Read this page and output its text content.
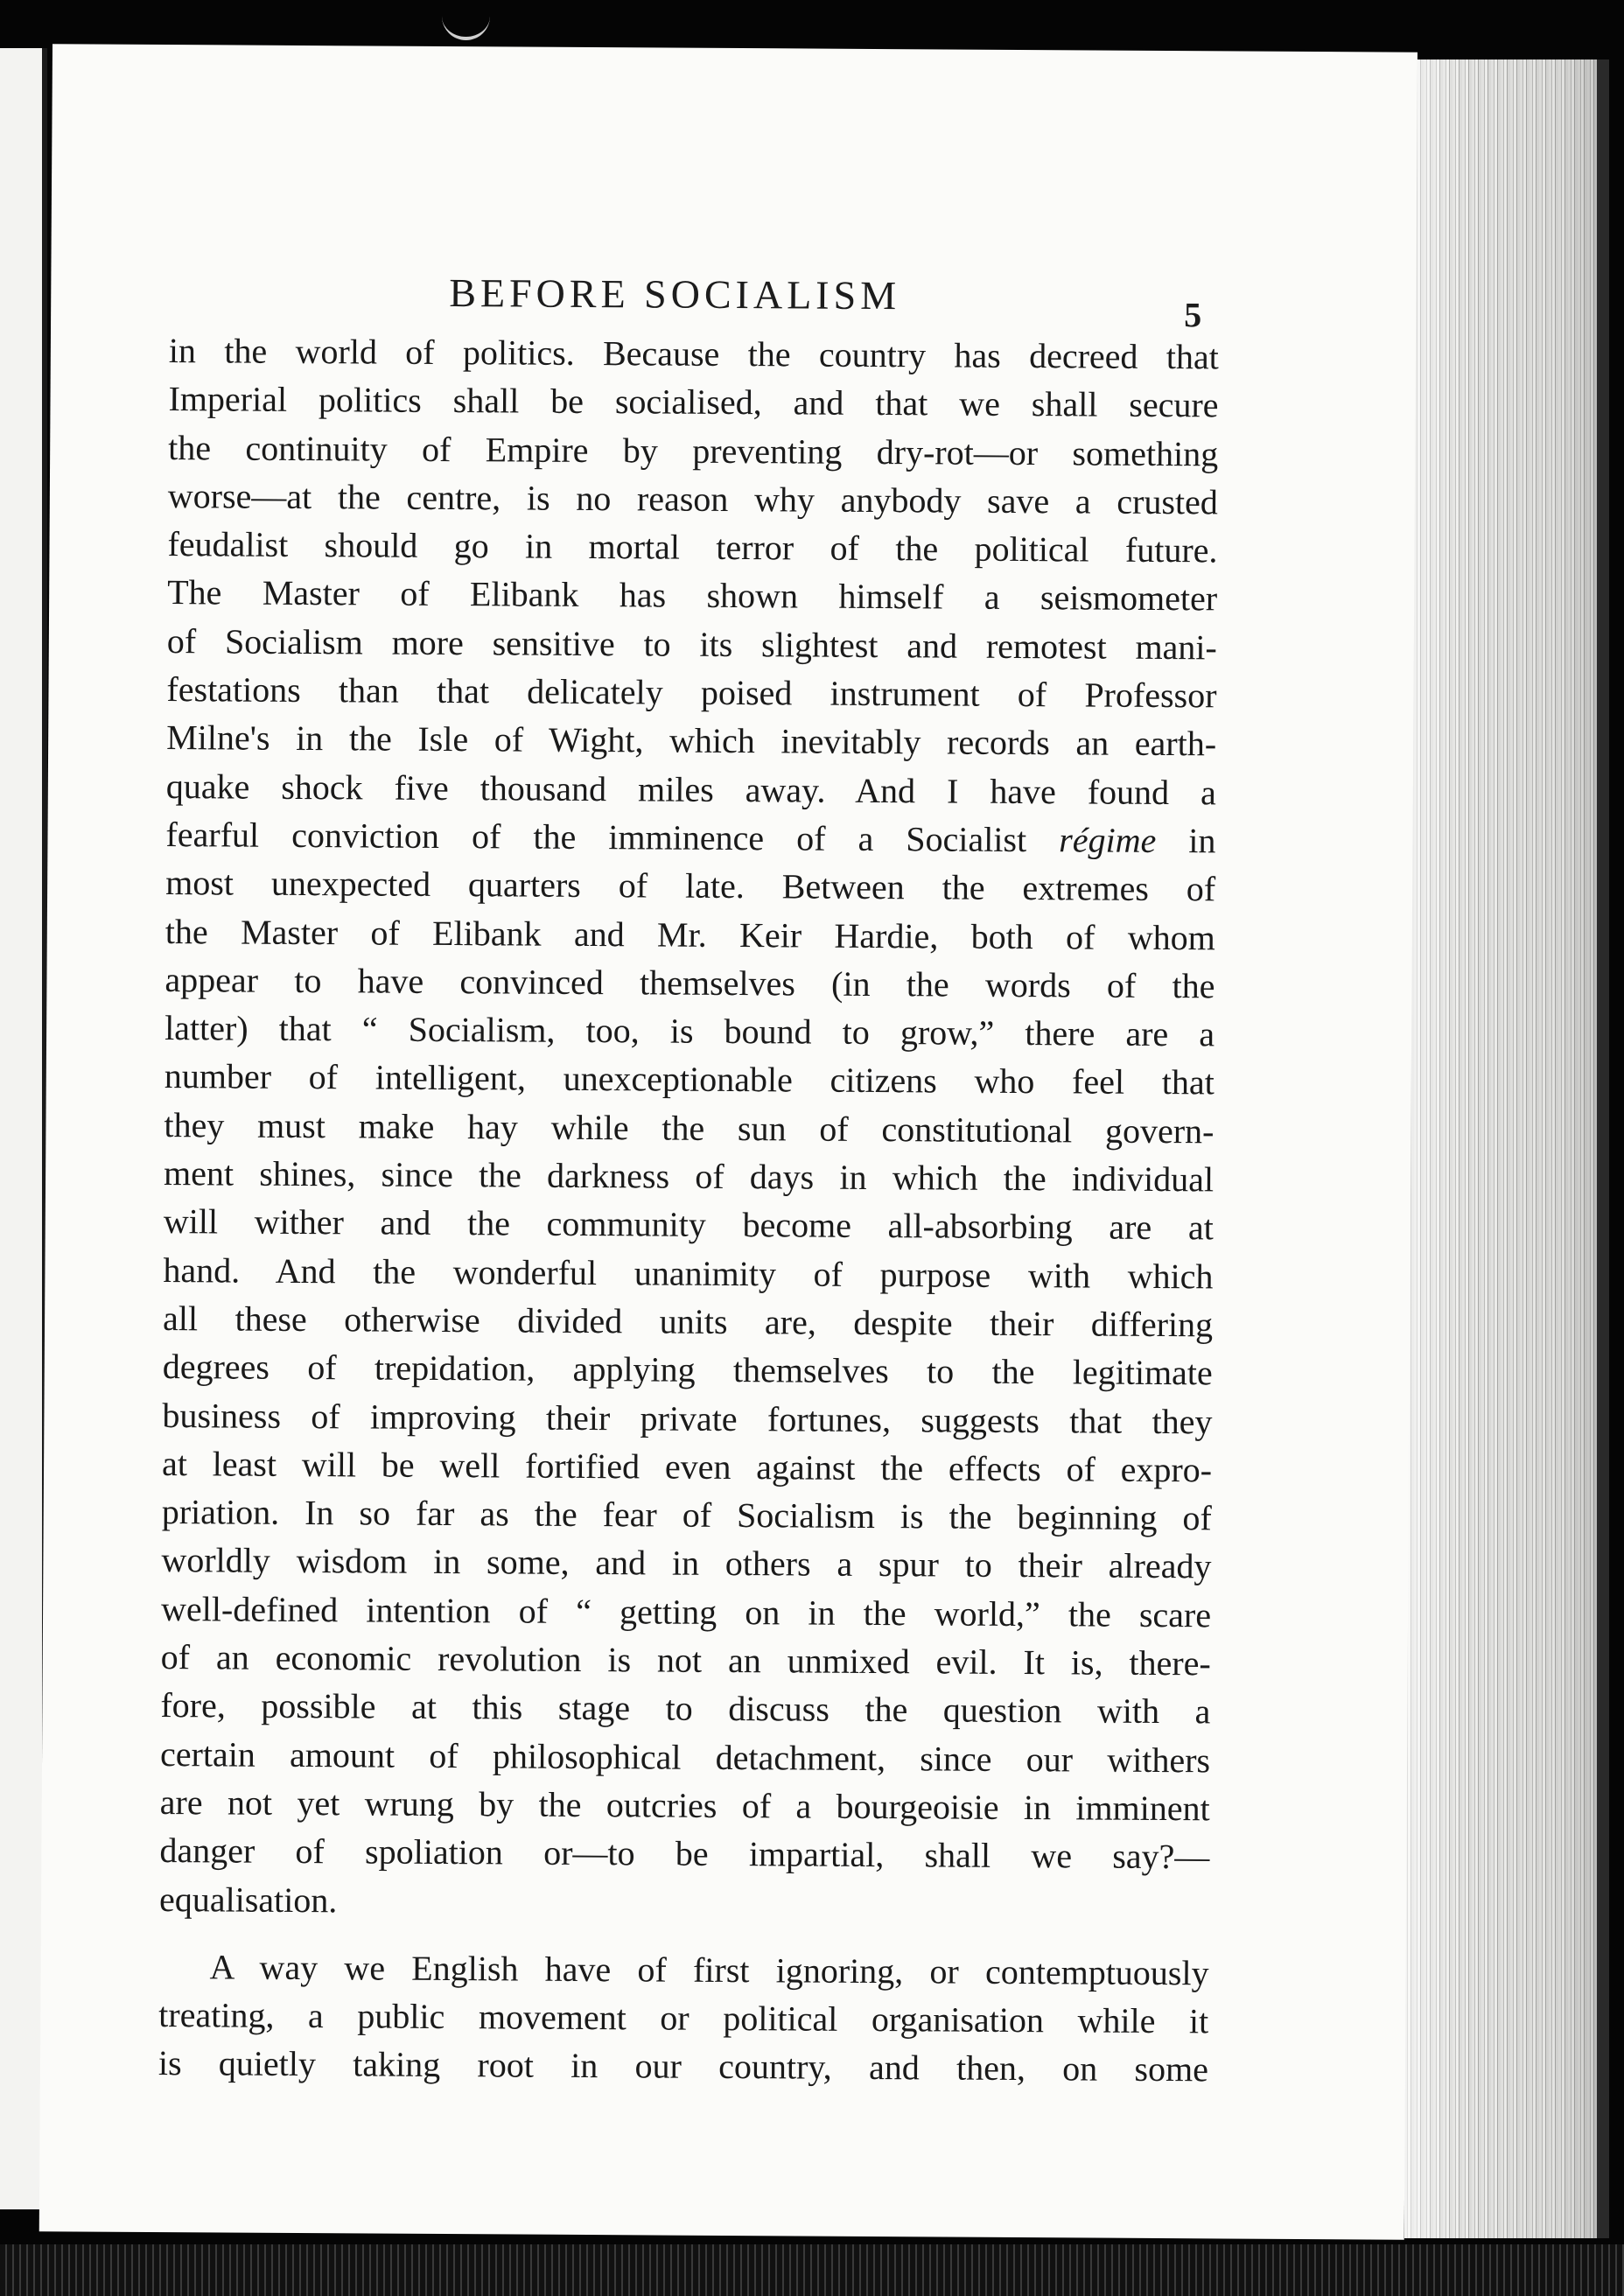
BEFORE SOCIALISM	5
in the world of politics. Because the country has decreed that
Imperial politics shall be socialised, and that we shall secure
the continuity of Empire by preventing dry-rot—or something
worse—at the centre, is no reason why anybody save a crusted
feudalist should go in mortal terror of the political future.
The Master of Elibank has shown himself a seismometer
of Socialism more sensitive to its slightest and remotest mani-
festations than that delicately poised instrument of Professor
Milne's in the Isle of Wight, which inevitably records an earth-
quake shock five thousand miles away. And I have found a
fearful conviction of the imminence of a Socialist régime in
most unexpected quarters of late. Between the extremes of
the Master of Elibank and Mr. Keir Hardie, both of whom
appear to have convinced themselves (in the words of the
latter) that “ Socialism, too, is bound to grow,” there are a
number of intelligent, unexceptionable citizens who feel that
they must make hay while the sun of constitutional govern-
ment shines, since the darkness of days in which the individual
will wither and the community become all-absorbing are at
hand. And the wonderful unanimity of purpose with which
all these otherwise divided units are, despite their differing
degrees of trepidation, applying themselves to the legitimate
business of improving their private fortunes, suggests that they
at least will be well fortified even against the effects of expro-
priation. In so far as the fear of Socialism is the beginning of
worldly wisdom in some, and in others a spur to their already
well-defined intention of “ getting on in the world,” the scare
of an economic revolution is not an unmixed evil. It is, there-
fore, possible at this stage to discuss the question with a
certain amount of philosophical detachment, since our withers
are not yet wrung by the outcries of a bourgeoisie in imminent
danger of spoliation or—to be impartial, shall we say?—
equalisation.
A way we English have of first ignoring, or contemptuously
treating, a public movement or political organisation while it
is quietly taking root in our country, and then, on some
